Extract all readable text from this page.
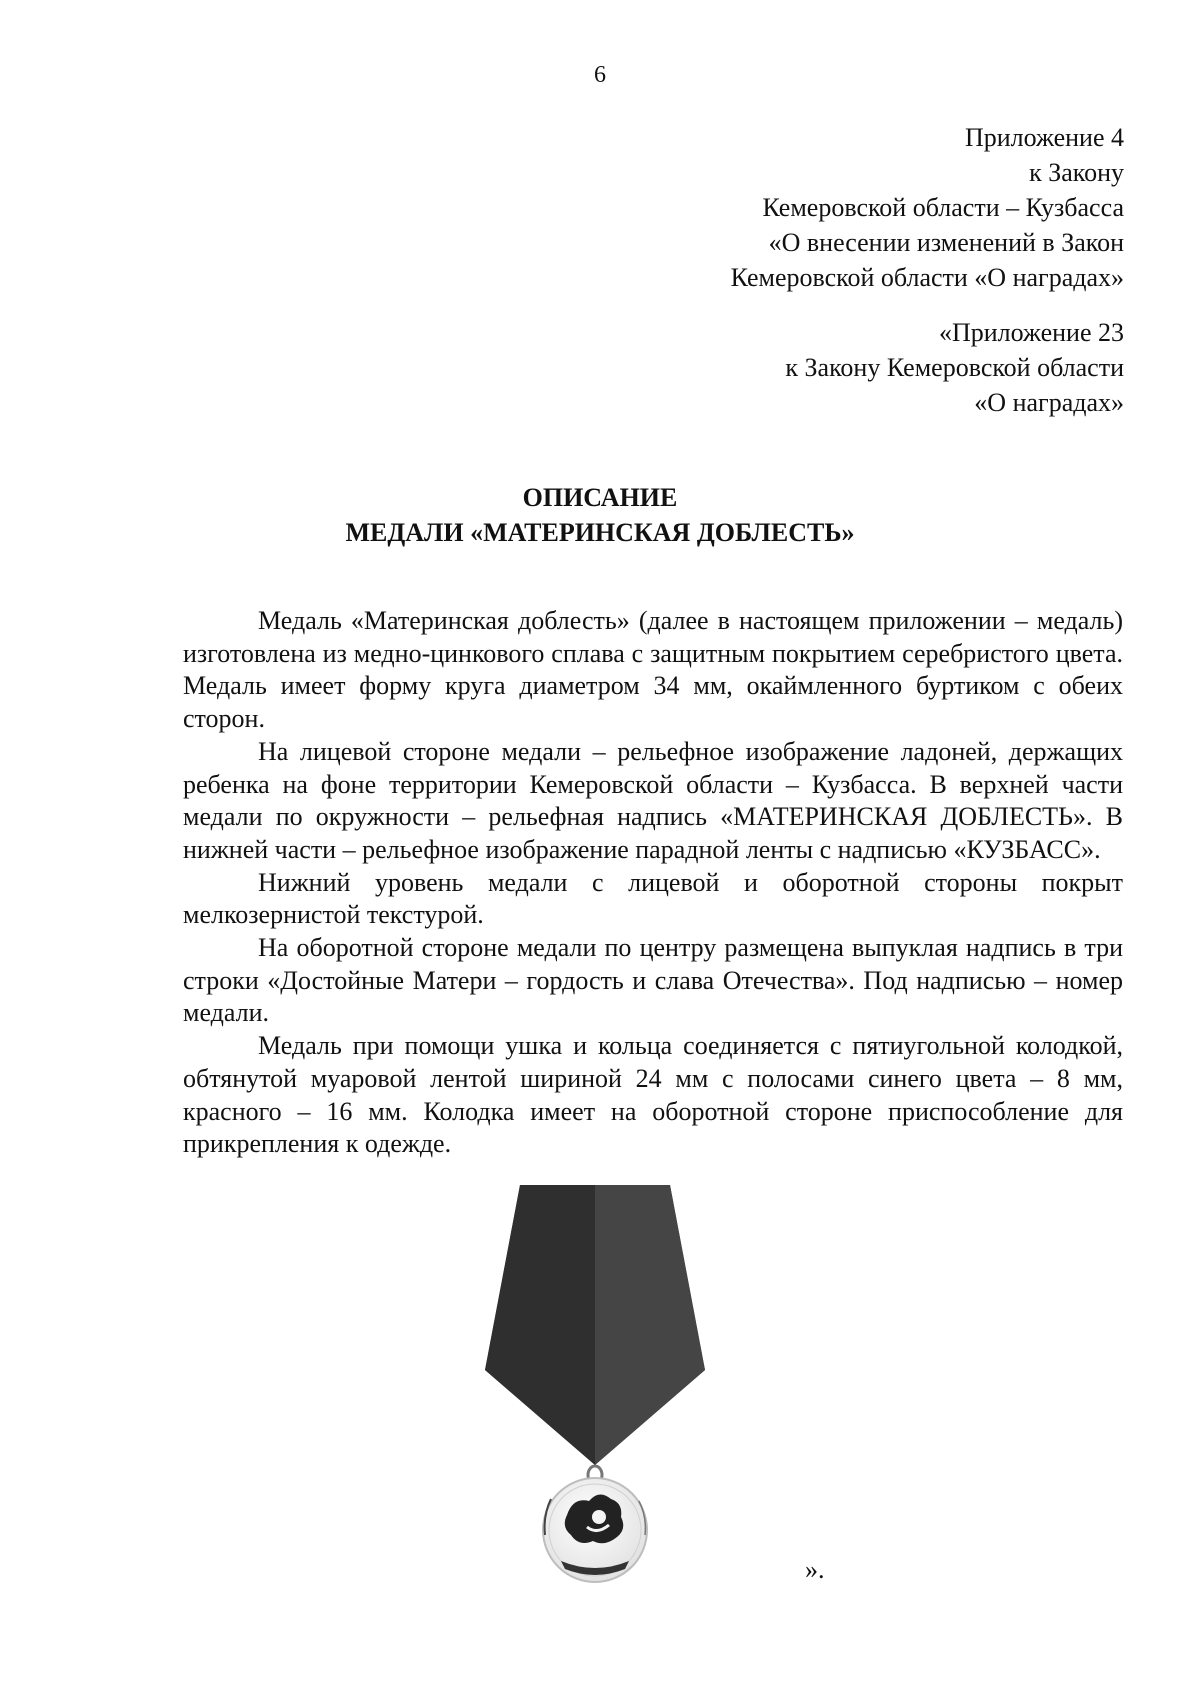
6
Приложение 4
к Закону
Кемеровской области – Кузбасса
«О внесении изменений в Закон
Кемеровской области «О наградах»
«Приложение 23
к Закону Кемеровской области
«О наградах»
ОПИСАНИЕ
МЕДАЛИ «МАТЕРИНСКАЯ ДОБЛЕСТЬ»

Медаль «Материнская доблесть» (далее в настоящем приложении – медаль) изготовлена из медно-цинкового сплава с защитным покрытием серебристого цвета. Медаль имеет форму круга диаметром 34 мм, окаймленного буртиком с обеих сторон.

На лицевой стороне медали – рельефное изображение ладоней, держащих ребенка на фоне территории Кемеровской области – Кузбасса. В верхней части медали по окружности – рельефная надпись «МАТЕРИНСКАЯ ДОБЛЕСТЬ». В нижней части – рельефное изображение парадной ленты с надписью «КУЗБАСС».

Нижний уровень медали с лицевой и оборотной стороны покрыт мелкозернистой текстурой.

На оборотной стороне медали по центру размещена выпуклая надпись в три строки «Достойные Матери – гордость и слава Отечества». Под надписью – номер медали.

Медаль при помощи ушка и кольца соединяется с пятиугольной колодкой, обтянутой муаровой лентой шириной 24 мм с полосами синего цвета – 8 мм, красного – 16 мм. Колодка имеет на оборотной стороне приспособление для прикрепления к одежде.

».
